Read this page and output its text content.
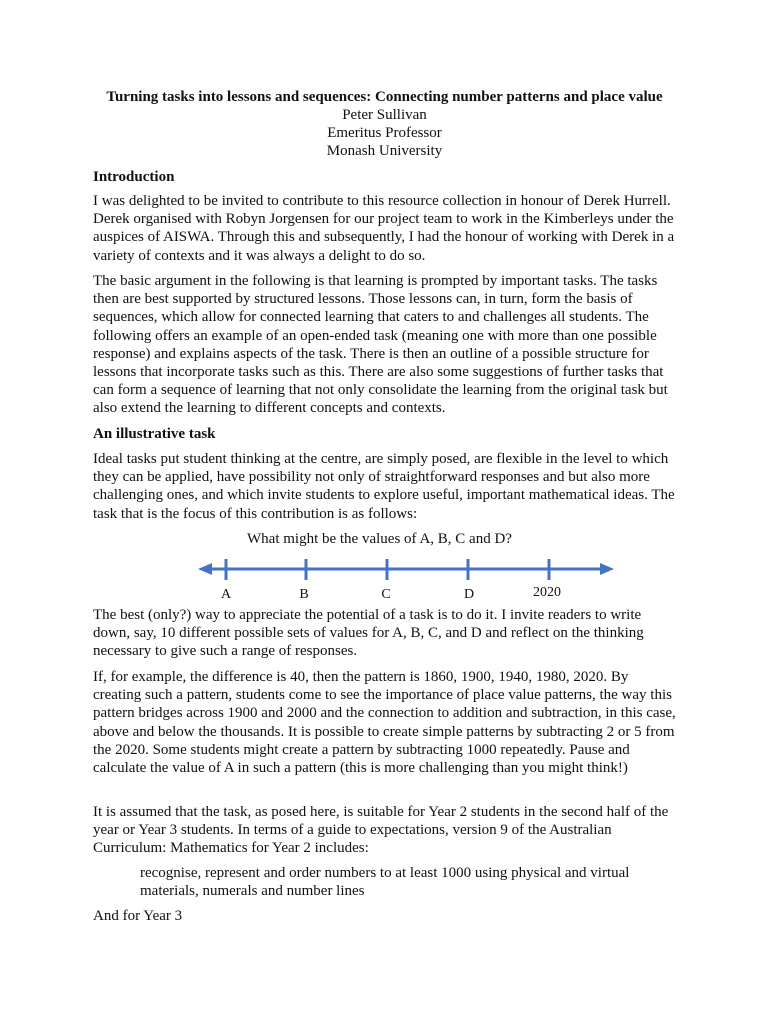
Turning tasks into lessons and sequences: Connecting number patterns and place value
Peter Sullivan
Emeritus Professor
Monash University
Introduction
I was delighted to be invited to contribute to this resource collection in honour of Derek Hurrell. Derek organised with Robyn Jorgensen for our project team to work in the Kimberleys under the auspices of AISWA. Through this and subsequently, I had the honour of working with Derek in a variety of contexts and it was always a delight to do so.
The basic argument in the following is that learning is prompted by important tasks. The tasks then are best supported by structured lessons. Those lessons can, in turn, form the basis of sequences, which allow for connected learning that caters to and challenges all students. The following offers an example of an open-ended task (meaning one with more than one possible response) and explains aspects of the task. There is then an outline of a possible structure for lessons that incorporate tasks such as this. There are also some suggestions of further tasks that can form a sequence of learning that not only consolidate the learning from the original task but also extend the learning to different concepts and contexts.
An illustrative task
Ideal tasks put student thinking at the centre, are simply posed, are flexible in the level to which they can be applied, have possibility not only of straightforward responses and but also more challenging ones, and which invite students to explore useful, important mathematical ideas. The task that is the focus of this contribution is as follows:
What might be the values of A, B, C and D?
A	B	C	D	2020
The best (only?) way to appreciate the potential of a task is to do it. I invite readers to write down, say, 10 different possible sets of values for A, B, C, and D and reflect on the thinking necessary to give such a range of responses.
If, for example, the difference is 40, then the pattern is 1860, 1900, 1940, 1980, 2020. By creating such a pattern, students come to see the importance of place value patterns, the way this pattern bridges across 1900 and 2000 and the connection to addition and subtraction, in this case, above and below the thousands. It is possible to create simple patterns by subtracting 2 or 5 from the 2020. Some students might create a pattern by subtracting 1000 repeatedly. Pause and calculate the value of A in such a pattern (this is more challenging than you might think!)
It is assumed that the task, as posed here, is suitable for Year 2 students in the second half of the year or Year 3 students. In terms of a guide to expectations, version 9 of the Australian Curriculum: Mathematics for Year 2 includes:
recognise, represent and order numbers to at least 1000 using physical and virtual materials, numerals and number lines
And for Year 3
